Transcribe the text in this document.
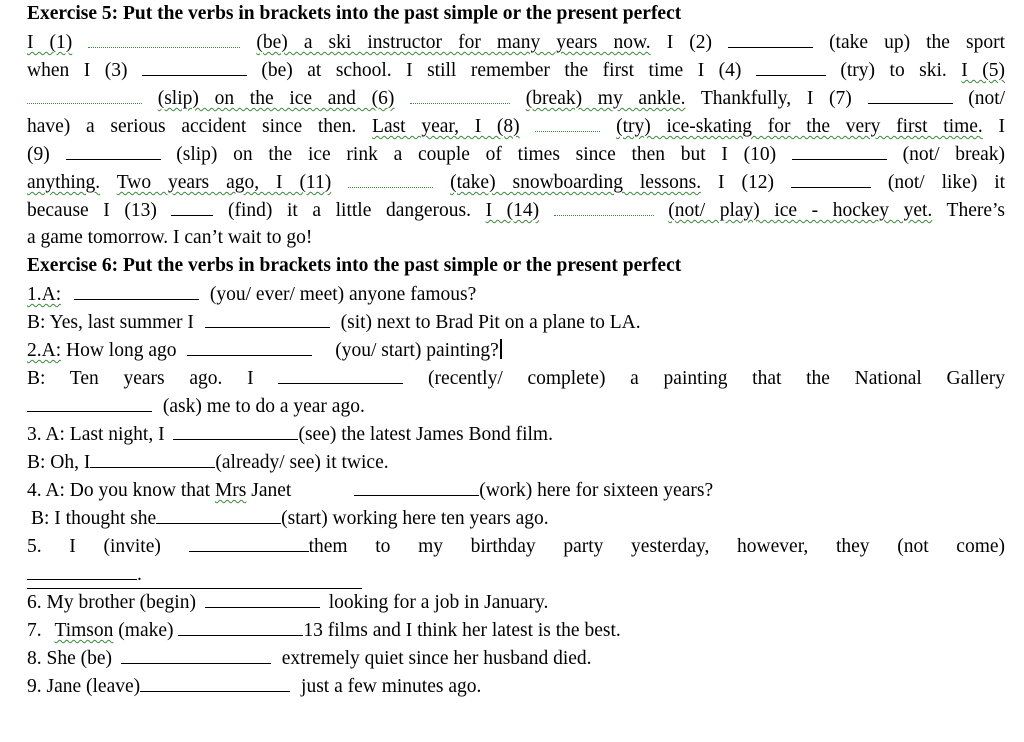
Exercise 5: Put the verbs in brackets into the past simple or the present perfect
I (1)	(be) a ski instructor for many years now. I (2)	(take up) the sport
when I (3)	(be) at school. I still remember the first time I (4)	(try) to ski. I (5)
(slip) on the ice and (6)	(break) my ankle. Thankfully, I (7)	(not/
have) a serious accident since then. Last year, I (8)	(try) ice-skating for the very first time. I
(9)	(slip) on the ice rink a couple of times since then but I (10)	(not/ break)
anything. Two years ago, I (11)	(take) snowboarding lessons. I (12)	(not/ like) it
because I (13)	(find) it a little dangerous. I (14)	(not/ play) ice - hockey yet. There’s
a game tomorrow. I can’t wait to go!
Exercise 6: Put the verbs in brackets into the past simple or the present perfect
1.A:	(you/ ever/ meet) anyone famous?
B: Yes, last summer I	(sit) next to Brad Pit on a plane to LA.
2.A: How long ago	(you/ start) painting?
B: Ten years ago. I	(recently/ complete) a painting that the National Gallery
(ask) me to do a year ago.
3. A: Last night, I	(see) the latest James Bond film.
B: Oh, I	(already/ see) it twice.
4. A: Do you know that Mrs Janet	(work) here for sixteen years?
B: I thought she	(start) working here ten years ago.
5. I (invite)	them to my birthday party yesterday, however, they (not come)
.
6. My brother (begin)	looking for a job in January.
7. Timson (make)	13 films and I think her latest is the best.
8. She (be)	extremely quiet since her husband died.
9. Jane (leave)	just a few minutes ago.
